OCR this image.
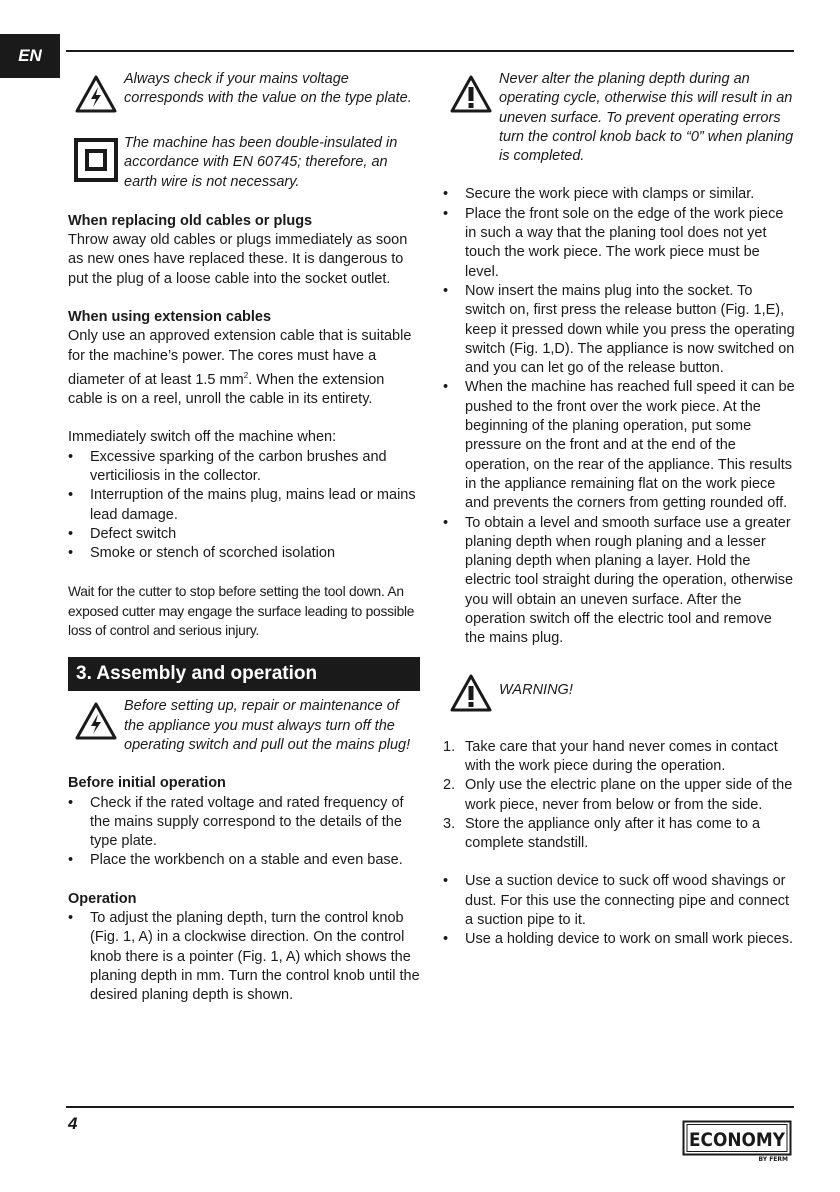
EN

Always check if your mains voltage corresponds with the value on the type plate.

The machine has been double-insulated in accordance with EN 60745; therefore, an earth wire is not necessary.

When replacing old cables or plugs

Throw away old cables or plugs immediately as soon as new ones have replaced these. It is dangerous to put the plug of a loose cable into the socket outlet.

When using extension cables

Only use an approved extension cable that is suitable for the machine’s power. The cores must have a diameter of at least 1.5 $mm^2$. When the extension cable is on a reel, unroll the cable in its entirety.

Immediately switch off the machine when:

• Excessive sparking of the carbon brushes and verticiliosis in the collector.
• Interruption of the mains plug, mains lead or mains lead damage.
• Defect switch
• Smoke or stench of scorched isolation

Wait for the cutter to stop before setting the tool down. An exposed cutter may engage the surface leading to possible loss of control and serious injury.

3. Assembly and operation

Before setting up, repair or maintenance of the appliance you must always turn off the operating switch and pull out the mains plug!

Before initial operation

• Check if the rated voltage and rated frequency of the mains supply correspond to the details of the type plate.
• Place the workbench on a stable and even base.

Operation

• To adjust the planing depth, turn the control knob (Fig. 1, A) in a clockwise direction. On the control knob there is a pointer (Fig. 1, A) which shows the planing depth in mm. Turn the control knob until the desired planing depth is shown.

Never alter the planing depth during an operating cycle, otherwise this will result in an uneven surface. To prevent operating errors turn the control knob back to “0” when planing is completed.

• Secure the work piece with clamps or similar.
• Place the front sole on the edge of the work piece in such a way that the planing tool does not yet touch the work piece. The work piece must be level.
• Now insert the mains plug into the socket. To switch on, first press the release button (Fig. 1,E), keep it pressed down while you press the operating switch (Fig. 1,D). The appliance is now switched on and you can let go of the release button.
• When the machine has reached full speed it can be pushed to the front over the work piece. At the beginning of the planing operation, put some pressure on the front and at the end of the operation, on the rear of the appliance. This results in the appliance remaining flat on the work piece and prevents the corners from getting rounded off.
• To obtain a level and smooth surface use a greater planing depth when rough planing and a lesser planing depth when planing a layer. Hold the electric tool straight during the operation, otherwise you will obtain an uneven surface. After the operation switch off the electric tool and remove the mains plug.

WARNING!

1. Take care that your hand never comes in contact with the work piece during the operation.
2. Only use the electric plane on the upper side of the work piece, never from below or from the side.
3. Store the appliance only after it has come to a complete standstill.
• Use a suction device to suck off wood shavings or dust. For this use the connecting pipe and connect a suction pipe to it.
• Use a holding device to work on small work pieces.
4
ECONOMY
BY FERM
